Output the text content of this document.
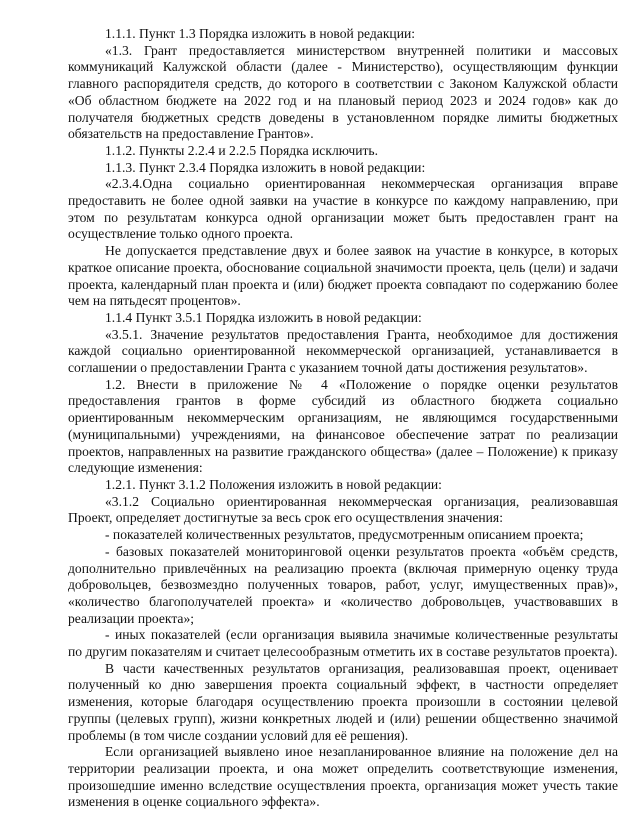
1.1.1. Пункт 1.3 Порядка изложить в новой редакции:

«1.3. Грант предоставляется министерством внутренней политики и массовых коммуникаций Калужской области (далее - Министерство), осуществляющим функции главного распорядителя средств, до которого в соответствии с Законом Калужской области «Об областном бюджете на 2022 год и на плановый период 2023 и 2024 годов» как до получателя бюджетных средств доведены в установленном порядке лимиты бюджетных обязательств на предоставление Грантов».

1.1.2. Пункты 2.2.4 и 2.2.5 Порядка исключить.

1.1.3. Пункт 2.3.4 Порядка изложить в новой редакции:

«2.3.4.Одна социально ориентированная некоммерческая организация вправе предоставить не более одной заявки на участие в конкурсе по каждому направлению, при этом по результатам конкурса одной организации может быть предоставлен грант на осуществление только одного проекта.

Не допускается представление двух и более заявок на участие в конкурсе, в которых краткое описание проекта, обоснование социальной значимости проекта, цель (цели) и задачи проекта, календарный план проекта и (или) бюджет проекта совпадают по содержанию более чем на пятьдесят процентов».

1.1.4 Пункт 3.5.1 Порядка изложить в новой редакции:

«3.5.1. Значение результатов предоставления Гранта, необходимое для достижения каждой социально ориентированной некоммерческой организацией, устанавливается в соглашении о предоставлении Гранта с указанием точной даты достижения результатов».

1.2. Внести в приложение № 4 «Положение о порядке оценки результатов предоставления грантов в форме субсидий из областного бюджета социально ориентированным некоммерческим организациям, не являющимся государственными (муниципальными) учреждениями, на финансовое обеспечение затрат по реализации проектов, направленных на развитие гражданского общества» (далее – Положение) к приказу следующие изменения:

1.2.1. Пункт 3.1.2 Положения изложить в новой редакции:

«3.1.2 Социально ориентированная некоммерческая организация, реализовавшая Проект, определяет достигнутые за весь срок его осуществления значения:

- показателей количественных результатов, предусмотренным описанием проекта;

- базовых показателей мониторинговой оценки результатов проекта «объём средств, дополнительно привлечённых на реализацию проекта (включая примерную оценку труда добровольцев, безвозмездно полученных товаров, работ, услуг, имущественных прав)», «количество благополучателей проекта» и «количество добровольцев, участвовавших в реализации проекта»;

- иных показателей (если организация выявила значимые количественные результаты по другим показателям и считает целесообразным отметить их в составе результатов проекта).

В части качественных результатов организация, реализовавшая проект, оценивает полученный ко дню завершения проекта социальный эффект, в частности определяет изменения, которые благодаря осуществлению проекта произошли в состоянии целевой группы (целевых групп), жизни конкретных людей и (или) решении общественно значимой проблемы (в том числе создании условий для её решения).

Если организацией выявлено иное незапланированное влияние на положение дел на территории реализации проекта, и она может определить соответствующие изменения, произошедшие именно вследствие осуществления проекта, организация может учесть такие изменения в оценке социального эффекта».
